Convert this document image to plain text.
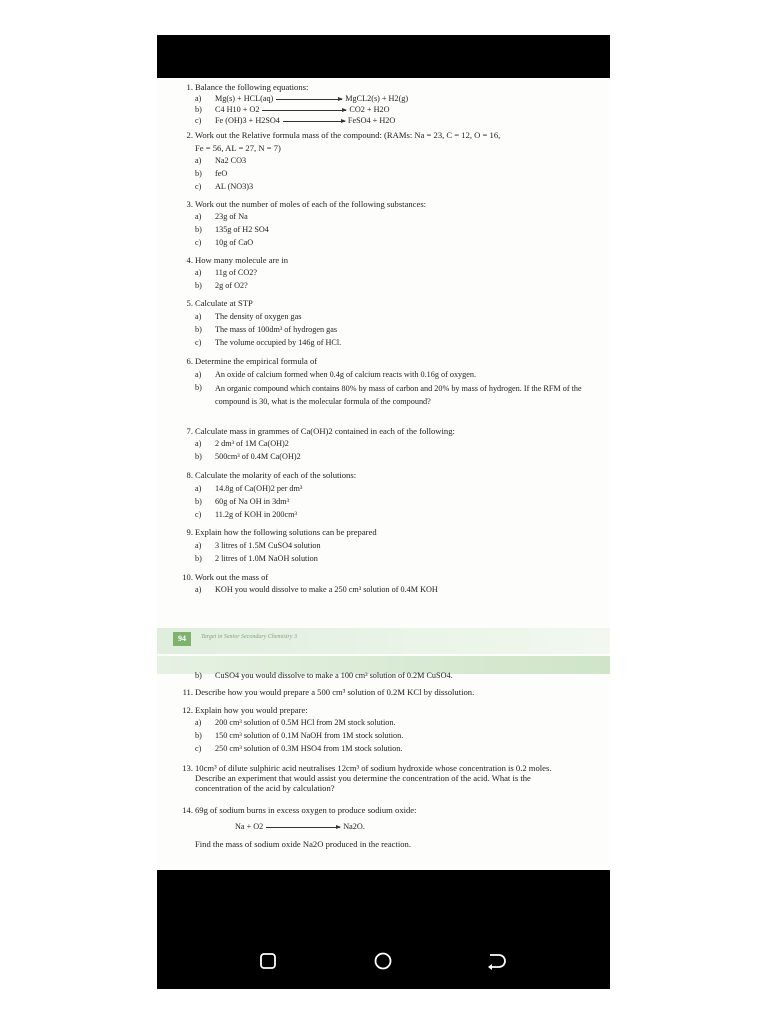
1. Balance the following equations:
a) Mg(s) + HCL(aq)	MgCL2(s) + H2(g)
b) C4 H10 + O2	CO2 + H2O
c) Fe (OH)3 + H2SO4	FeSO4 + H2O
2. Work out the Relative formula mass of the compound: (RAMs: Na = 23, C = 12, O = 16,
Fe = 56, AL = 27, N = 7)
a) Na2 CO3
b) feO
c) AL (NO3)3
3. Work out the number of moles of each of the following substances:
a) 23g of Na
b) 135g of H2 SO4
c) 10g of CaO
4. How many molecule are in
a) 11g of CO2?
b) 2g of O2?
5. Calculate at STP
a) The density of oxygen gas
b) The mass of 100dm³ of hydrogen gas
c) The volume occupied by 146g of HCl.
6. Determine the empirical formula of
a) An oxide of calcium formed when 0.4g of calcium reacts with 0.16g of oxygen.
b) An organic compound which contains 80% by mass of carbon and 20% by mass of hydrogen. If the RFM of the compound is 30, what is the molecular formula of the compound?
7. Calculate mass in grammes of Ca(OH)2 contained in each of the following:
a) 2 dm³ of 1M Ca(OH)2
b) 500cm³ of 0.4M Ca(OH)2
8. Calculate the molarity of each of the solutions:
a) 14.8g of Ca(OH)2 per dm³
b) 60g of Na OH in 3dm³
c) 11.2g of KOH in 200cm³
9. Explain how the following solutions can be prepared
a) 3 litres of 1.5M CuSO4 solution
b) 2 litres of 1.0M NaOH solution
10. Work out the mass of
a) KOH you would dissolve to make a 250 cm³ solution of 0.4M KOH
94	Target in Senior Secondary Chemistry 3
b) CuSO4 you would dissolve to make a 100 cm³ solution of 0.2M CuSO4.
11. Describe how you would prepare a 500 cm³ solution of 0.2M KCl by dissolution.
12. Explain how you would prepare:
a) 200 cm³ solution of 0.5M HCl from 2M stock solution.
b) 150 cm³ solution of 0.1M NaOH from 1M stock solution.
c) 250 cm³ solution of 0.3M HSO4 from 1M stock solution.
13. 10cm³ of dilute sulphiric acid neutralises 12cm³ of sodium hydroxide whose concentration is 0.2 moles. Describe an experiment that would assist you determine the concentration of the acid. What is the concentration of the acid by calculation?
14. 69g of sodium burns in excess oxygen to produce sodium oxide:
Na + O2	Na2O.
Find the mass of sodium oxide Na2O produced in the reaction.
